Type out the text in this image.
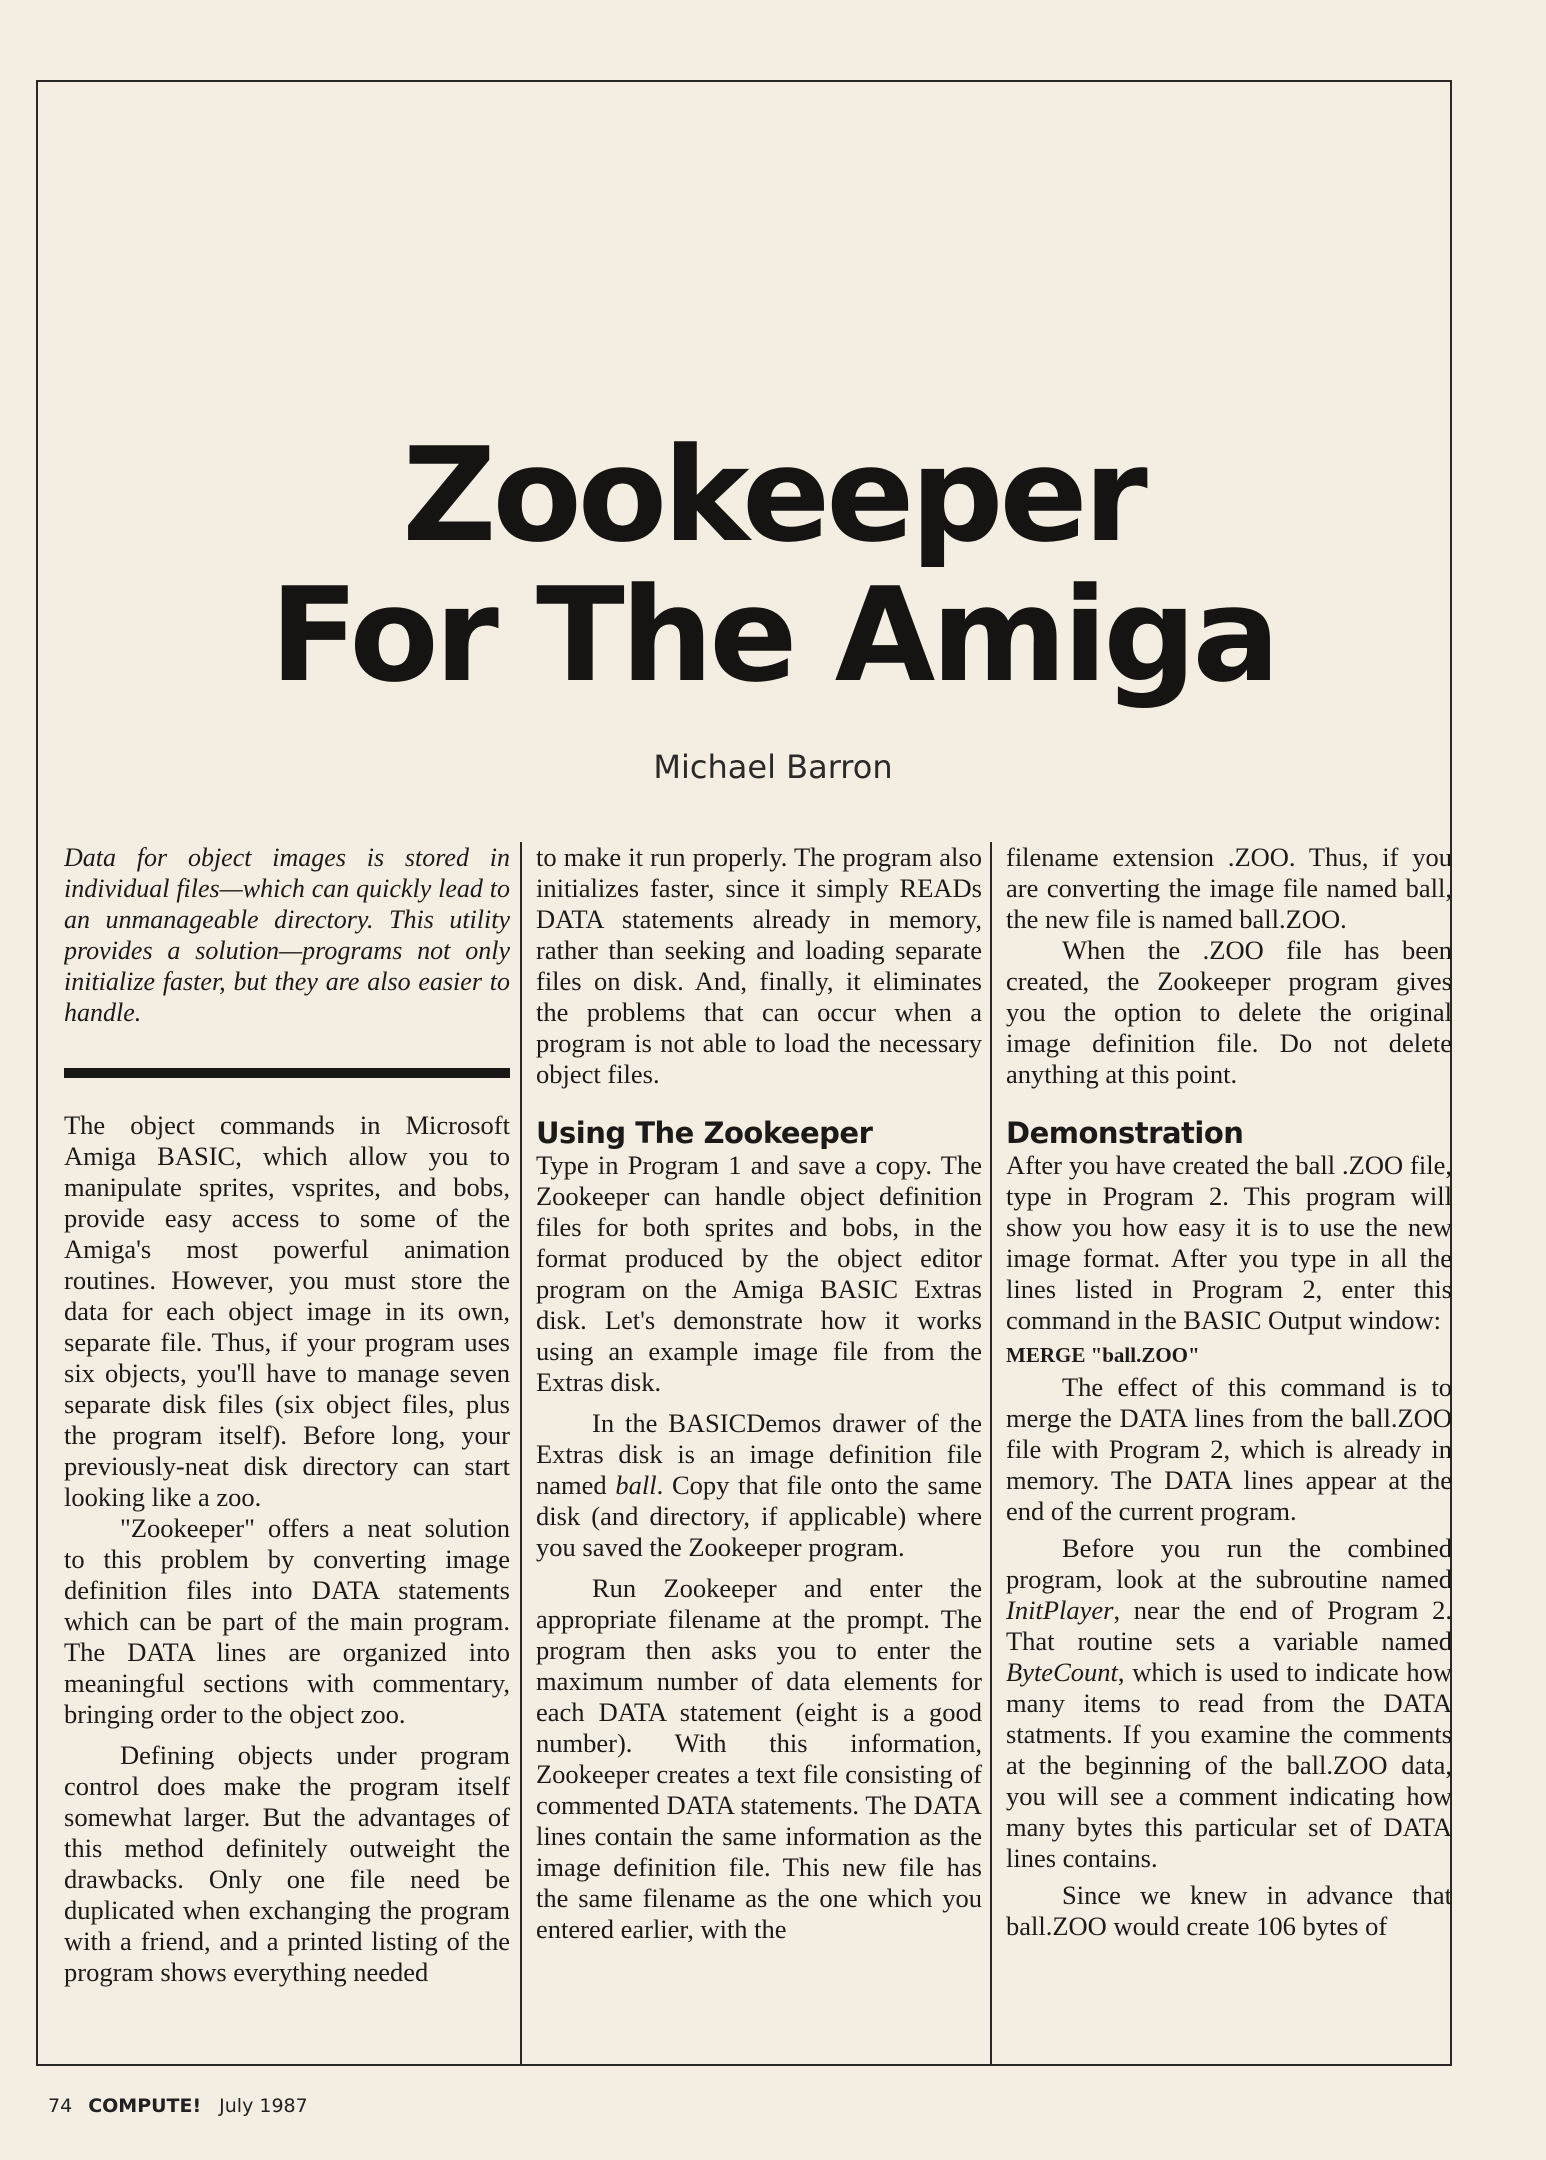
Zookeeper
For The Amiga

Michael Barron

Data for object images is stored in individual files—which can quickly lead to an unmanageable directory. This utility provides a solution—programs not only initialize faster, but they are also easier to handle.

The object commands in Microsoft Amiga BASIC, which allow you to manipulate sprites, vsprites, and bobs, provide easy access to some of the Amiga's most powerful animation routines. However, you must store the data for each object image in its own, separate file. Thus, if your program uses six objects, you'll have to manage seven separate disk files (six object files, plus the program itself). Before long, your previously-neat disk directory can start looking like a zoo.

"Zookeeper" offers a neat solution to this problem by converting image definition files into DATA statements which can be part of the main program. The DATA lines are organized into meaningful sections with commentary, bringing order to the object zoo.

Defining objects under program control does make the program itself somewhat larger. But the advantages of this method definitely outweight the drawbacks. Only one file need be duplicated when exchanging the program with a friend, and a printed listing of the program shows everything needed

to make it run properly. The program also initializes faster, since it simply READs DATA statements already in memory, rather than seeking and loading separate files on disk. And, finally, it eliminates the problems that can occur when a program is not able to load the necessary object files.

Using The Zookeeper

Type in Program 1 and save a copy. The Zookeeper can handle object definition files for both sprites and bobs, in the format produced by the object editor program on the Amiga BASIC Extras disk. Let's demonstrate how it works using an example image file from the Extras disk.

In the BASICDemos drawer of the Extras disk is an image definition file named ball. Copy that file onto the same disk (and directory, if applicable) where you saved the Zookeeper program.

Run Zookeeper and enter the appropriate filename at the prompt. The program then asks you to enter the maximum number of data elements for each DATA statement (eight is a good number). With this information, Zookeeper creates a text file consisting of commented DATA statements. The DATA lines contain the same information as the image definition file. This new file has the same filename as the one which you entered earlier, with the

filename extension .ZOO. Thus, if you are converting the image file named ball, the new file is named ball.ZOO.

When the .ZOO file has been created, the Zookeeper program gives you the option to delete the original image definition file. Do not delete anything at this point.

Demonstration

After you have created the ball .ZOO file, type in Program 2. This program will show you how easy it is to use the new image format. After you type in all the lines listed in Program 2, enter this command in the BASIC Output window:

MERGE "ball.ZOO"

The effect of this command is to merge the DATA lines from the ball.ZOO file with Program 2, which is already in memory. The DATA lines appear at the end of the current program.

Before you run the combined program, look at the subroutine named InitPlayer, near the end of Program 2. That routine sets a variable named ByteCount, which is used to indicate how many items to read from the DATA statments. If you examine the comments at the beginning of the ball.ZOO data, you will see a comment indicating how many bytes this particular set of DATA lines contains.

Since we knew in advance that ball.ZOO would create 106 bytes of

74 COMPUTE! July 1987
